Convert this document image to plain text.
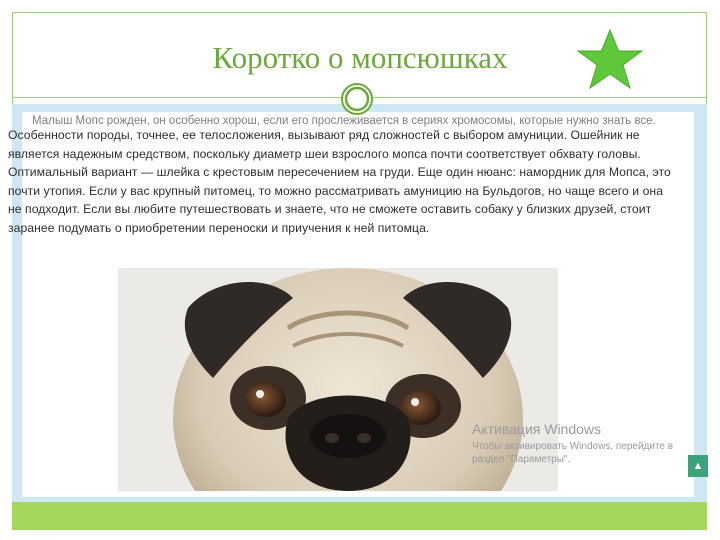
Коротко о мопсюшках
Малыш Мопс рожден, он особенно хорош, если его прослеживается в сериях хромосомы, которые нужно знать все.
Особенности породы, точнее, ее телосложения, вызывают ряд сложностей с выбором амуниции. Ошейник не является надежным средством, поскольку диаметр шеи взрослого мопса почти соответствует обхвату головы. Оптимальный вариант — шлейка с крестовым пересечением на груди. Еще один нюанс: намордник для Мопса, это почти утопия. Если у вас крупный питомец, то можно рассматривать амуницию на Бульдогов, но чаще всего и она не подходит. Если вы любите путешествовать и знаете, что не сможете оставить собаку у близких друзей, стоит заранее подумать о приобретении переноски и приучения к ней питомца.
Активация Windows
Чтобы активировать Windows, перейдите в раздел "Параметры".
▲
